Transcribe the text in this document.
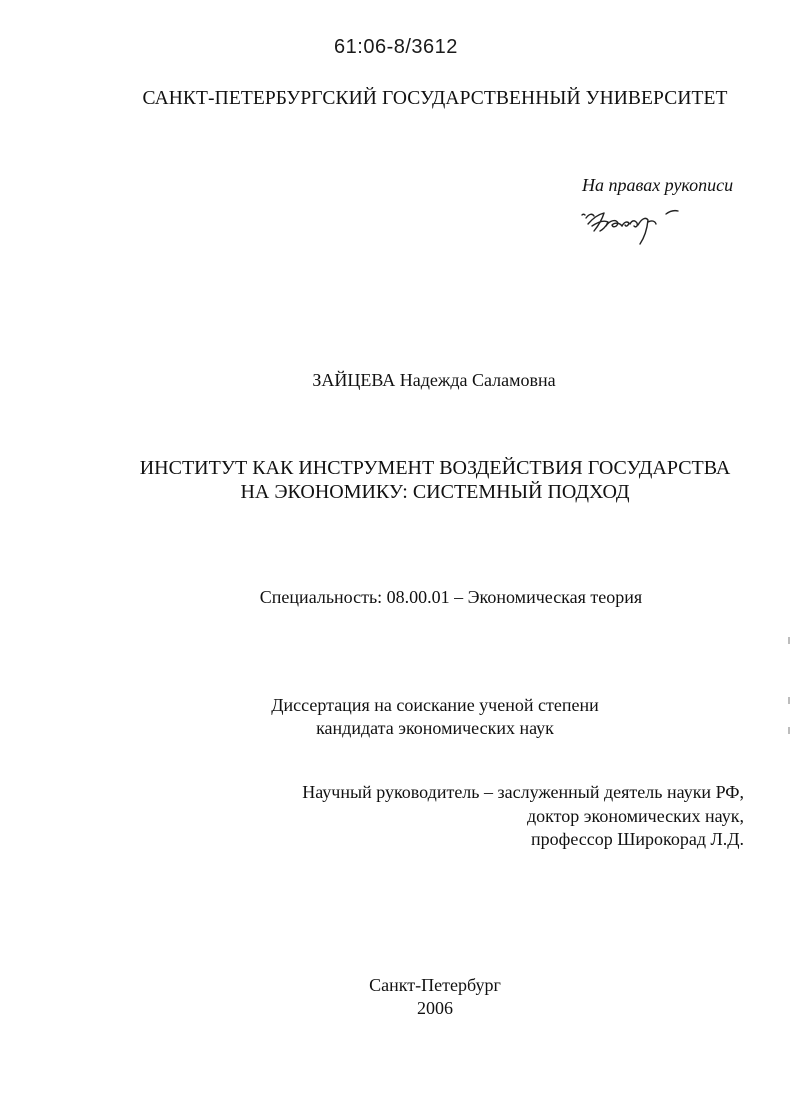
61:06-8/3612
САНКТ-ПЕТЕРБУРГСКИЙ ГОСУДАРСТВЕННЫЙ УНИВЕРСИТЕТ
На правах рукописи
ЗАЙЦЕВА Надежда Саламовна
ИНСТИТУТ КАК ИНСТРУМЕНТ ВОЗДЕЙСТВИЯ ГОСУДАРСТВА
НА ЭКОНОМИКУ: СИСТЕМНЫЙ ПОДХОД
Специальность: 08.00.01 – Экономическая теория
Диссертация на соискание ученой степени
кандидата экономических наук
Научный руководитель – заслуженный деятель науки РФ,
доктор экономических наук,
профессор Широкорад Л.Д.
Санкт-Петербург
2006
